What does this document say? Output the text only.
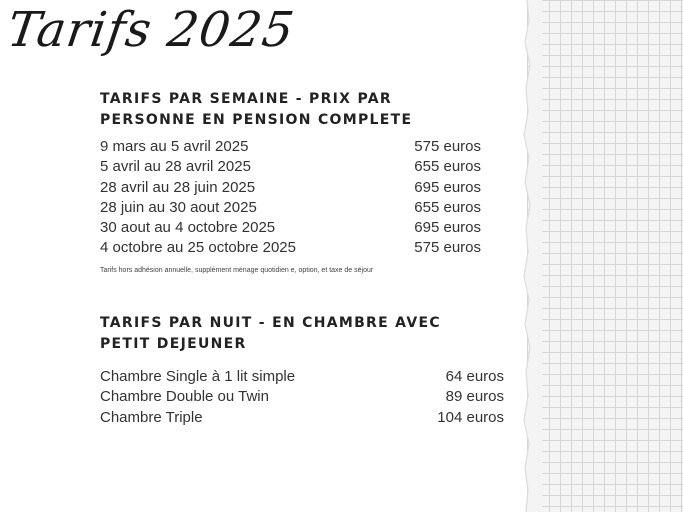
Tarifs 2025
TARIFS PAR SEMAINE - PRIX PAR
PERSONNE EN PENSION COMPLETE
9 mars au 5 avril 2025	575 euros
5 avril au 28 avril 2025	655 euros
28 avril au 28 juin 2025	695 euros
28 juin au 30 aout 2025	655 euros
30 aout au 4 octobre 2025	695 euros
4 octobre au 25 octobre 2025	575 euros
Tarifs hors adhésion annuelle, supplément ménage quotidien e, option, et taxe de séjour
TARIFS PAR NUIT - EN CHAMBRE AVEC
PETIT DEJEUNER
Chambre Single à 1 lit simple	64 euros
Chambre Double ou Twin	89 euros
Chambre Triple	104 euros
